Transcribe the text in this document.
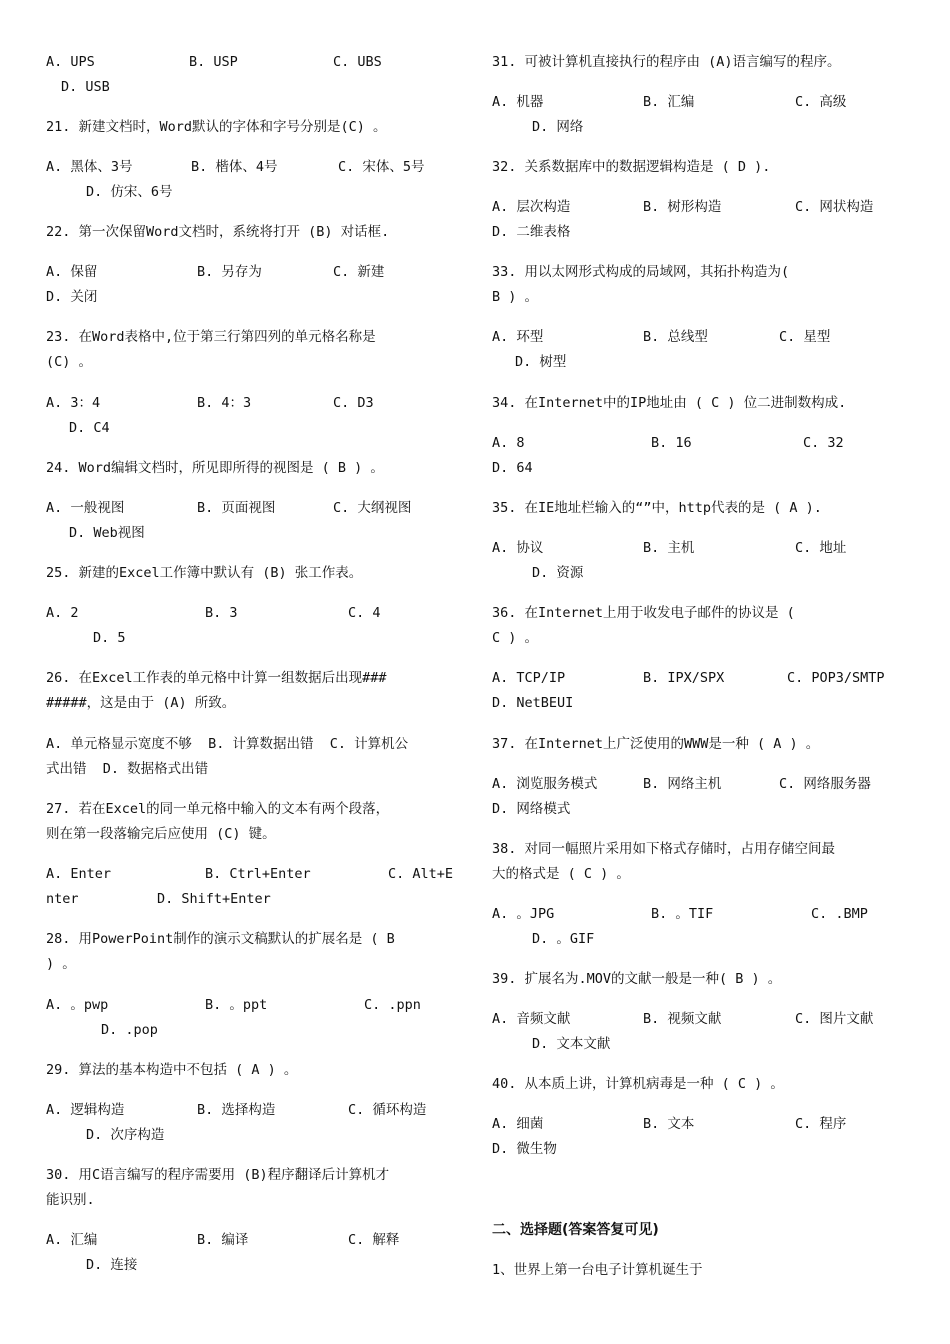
A. UPS	B. USP	C. UBS
D. USB
21. 新建文档时，Word默认的字体和字号分别是(C) 。
A. 黑体、3号	B. 楷体、4号	C. 宋体、5号
D. 仿宋、6号
22. 第一次保留Word文档时，系统将打开 (B) 对话框.
A. 保留	B. 另存为	C. 新建
D. 关闭
23. 在Word表格中,位于第三行第四列的单元格名称是
(C) 。
A. 3：4	B. 4：3	C. D3
D. C4
24. Word编辑文档时，所见即所得的视图是 ( B ) 。
A. 一般视图	B. 页面视图	C. 大纲视图
D. Web视图
25. 新建的Excel工作簿中默认有 (B) 张工作表。
A. 2	B. 3	C. 4
D. 5
26. 在Excel工作表的单元格中计算一组数据后出现###
#####，这是由于 (A) 所致。
A. 单元格显示宽度不够  B. 计算数据出错  C. 计算机公
式出错  D. 数据格式出错
27. 若在Excel的同一单元格中输入的文本有两个段落，
则在第一段落输完后应使用 (C) 键。
A. Enter	B. Ctrl+Enter	C. Alt+E
nter	D. Shift+Enter
28. 用PowerPoint制作的演示文稿默认的扩展名是 ( B
) 。
A. 。pwp	B. 。ppt	C. .ppn
D. .pop
29. 算法的基本构造中不包括 ( A ) 。
A. 逻辑构造	B. 选择构造	C. 循环构造
D. 次序构造
30. 用C语言编写的程序需要用 (B)程序翻译后计算机才
能识别.
A. 汇编	B. 编译	C. 解释
D. 连接
31. 可被计算机直接执行的程序由 (A)语言编写的程序。
A. 机器	B. 汇编	C. 高级
D. 网络
32. 关系数据库中的数据逻辑构造是 ( D ).
A. 层次构造	B. 树形构造	C. 网状构造
D. 二维表格
33. 用以太网形式构成的局域网，其拓扑构造为(
B ) 。
A. 环型	B. 总线型	C. 星型
D. 树型
34. 在Internet中的IP地址由 ( C ) 位二进制数构成.
A. 8	B. 16	C. 32
D. 64
35. 在IE地址栏输入的“”中，http代表的是 ( A ).
A. 协议	B. 主机	C. 地址
D. 资源
36. 在Internet上用于收发电子邮件的协议是 (
C ) 。
A. TCP/IP	B. IPX/SPX	C. POP3/SMTP
D. NetBEUI
37. 在Internet上广泛使用的WWW是一种 ( A ) 。
A. 浏览服务模式	B. 网络主机	C. 网络服务器
D. 网络模式
38. 对同一幅照片采用如下格式存储时，占用存储空间最
大的格式是 ( C ) 。
A. 。JPG	B. 。TIF	C. .BMP
D. 。GIF
39. 扩展名为.MOV的文献一般是一种( B ) 。
A. 音频文献	B. 视频文献	C. 图片文献
D. 文本文献
40. 从本质上讲，计算机病毒是一种 ( C ) 。
A. 细菌	B. 文本	C. 程序
D. 微生物
二、选择题(答案答复可见)
1、世界上第一台电子计算机诞生于
